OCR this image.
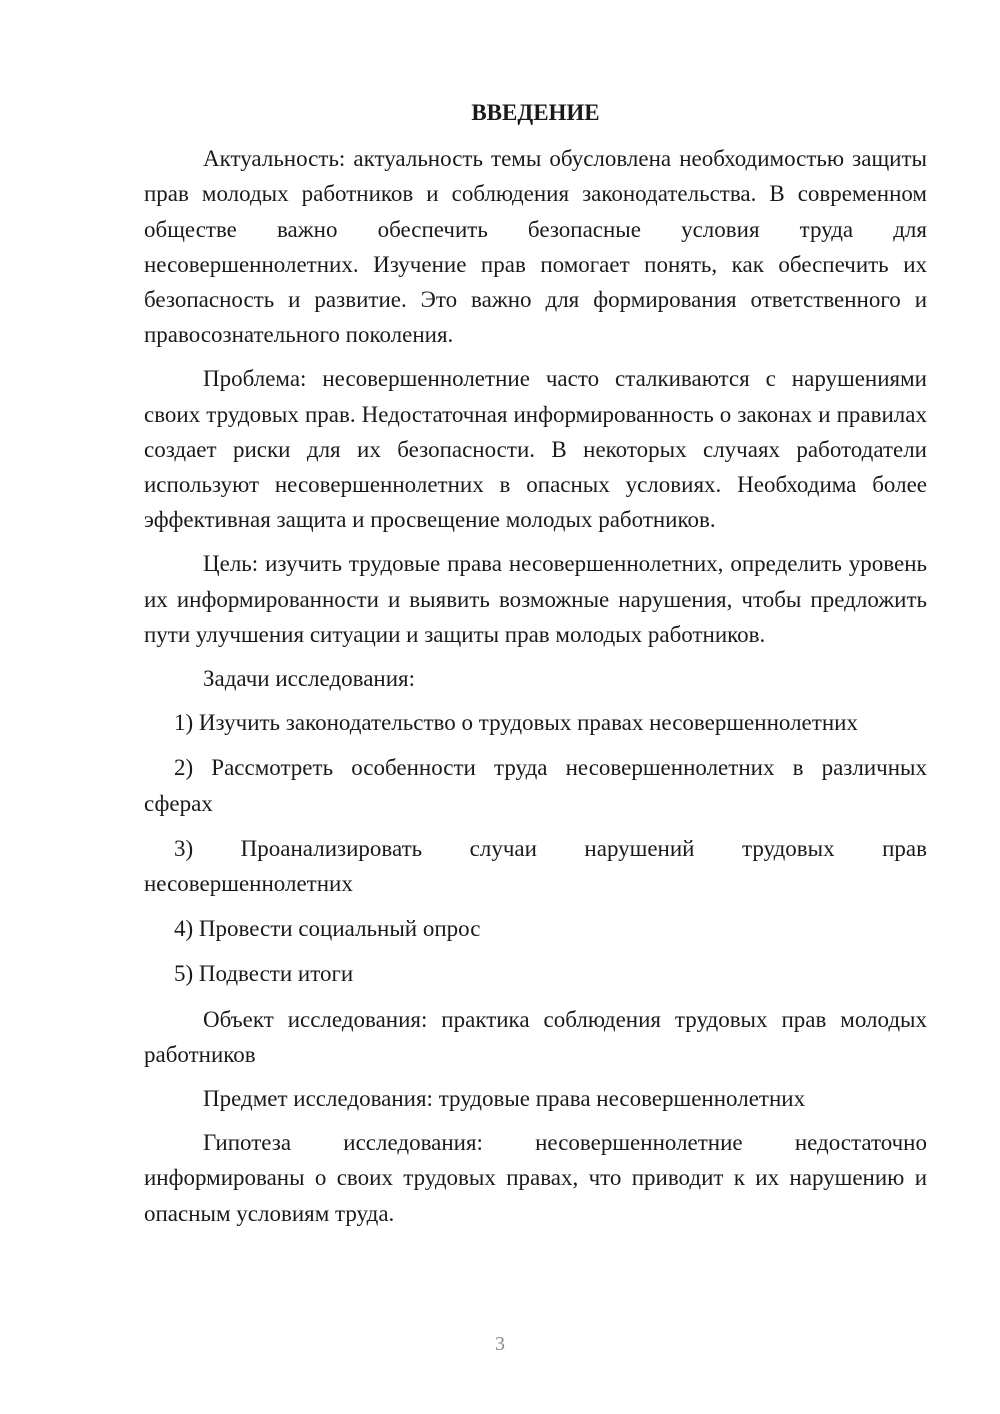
ВВЕДЕНИЕ
Актуальность: актуальность темы обусловлена необходимостью защиты прав молодых работников и соблюдения законодательства. В современном обществе важно обеспечить безопасные условия труда для несовершеннолетних. Изучение прав помогает понять, как обеспечить их безопасность и развитие. Это важно для формирования ответственного и правосознательного поколения.
Проблема: несовершеннолетние часто сталкиваются с нарушениями своих трудовых прав. Недостаточная информированность о законах и правилах создает риски для их безопасности. В некоторых случаях работодатели используют несовершеннолетних в опасных условиях. Необходима более эффективная защита и просвещение молодых работников.
Цель: изучить трудовые права несовершеннолетних, определить уровень их информированности и выявить возможные нарушения, чтобы предложить пути улучшения ситуации и защиты прав молодых работников.
Задачи исследования:
1) Изучить законодательство о трудовых правах несовершеннолетних
2) Рассмотреть особенности труда несовершеннолетних в различных сферах
3) Проанализировать случаи нарушений трудовых прав несовершеннолетних
4) Провести социальный опрос
5) Подвести итоги
Объект исследования: практика соблюдения трудовых прав молодых работников
Предмет исследования: трудовые права несовершеннолетних
Гипотеза исследования: несовершеннолетние недостаточно информированы о своих трудовых правах, что приводит к их нарушению и опасным условиям труда.
3
